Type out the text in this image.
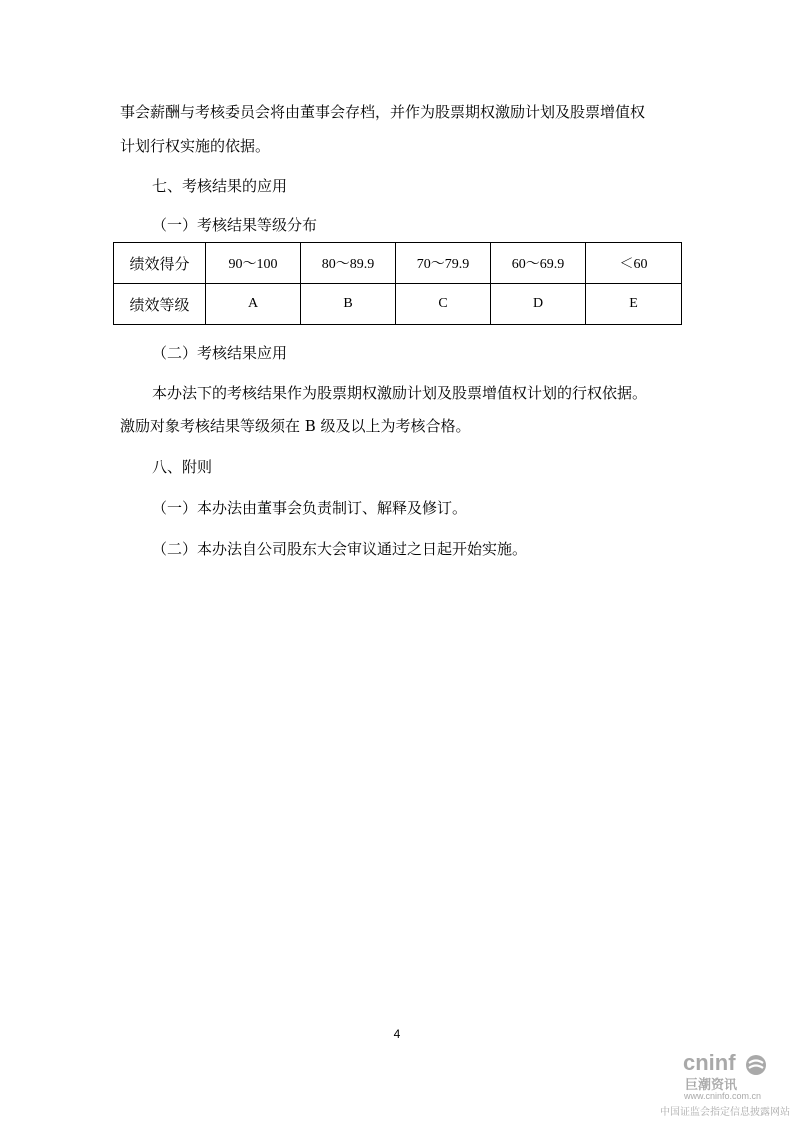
事会薪酬与考核委员会将由董事会存档，并作为股票期权激励计划及股票增值权

计划行权实施的依据。

七、考核结果的应用

（一）考核结果等级分布

绩效得分	90～100	80～89.9	70～79.9	60～69.9	＜60
绩效等级	A	B	C	D	E

（二）考核结果应用

本办法下的考核结果作为股票期权激励计划及股票增值权计划的行权依据。

激励对象考核结果等级须在 B 级及以上为考核合格。

八、附则

（一）本办法由董事会负责制订、解释及修订。

（二）本办法自公司股东大会审议通过之日起开始实施。

4
cninf
巨潮资讯
www.cninfo.com.cn
中国证监会指定信息披露网站
